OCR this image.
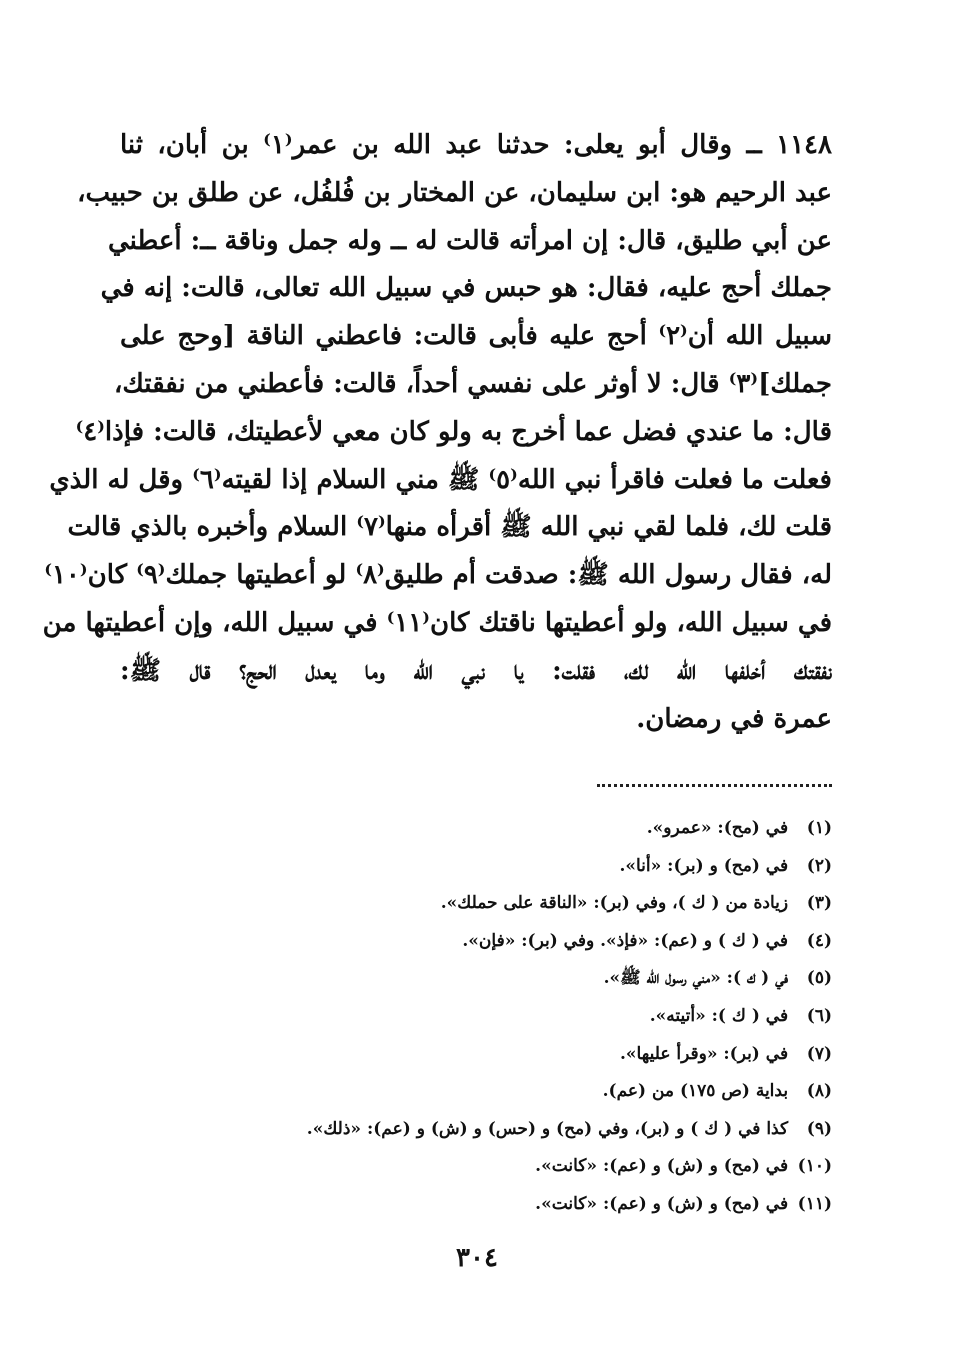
١١٤٨ ــ وقال أبو يعلى: حدثنا عبد الله بن عمر⁽١⁾ بن أبان، ثنا
عبد الرحيم هو: ابن سليمان، عن المختار بن فُلفُل، عن طلق بن حبيب،
عن أبي طليق، قال: إن امرأته قالت له ــ وله جمل وناقة ــ: أعطني
جملك أحج عليه، فقال: هو حبس في سبيل الله تعالى، قالت: إنه في
سبيل الله أن⁽٢⁾ أحج عليه فأبى قالت: فاعطني الناقة [وحج على
جملك]⁽٣⁾ قال: لا أوثر على نفسي أحداً، قالت: فأعطني من نفقتك،
قال: ما عندي فضل عما أخرج به ولو كان معي لأعطيتك، قالت: فإذا⁽٤⁾
فعلت ما فعلت فاقرأ نبي الله⁽٥⁾ ﷺ مني السلام إذا لقيته⁽٦⁾ وقل له الذي
قلت لك، فلما لقي نبي الله ﷺ أقرأه منها⁽٧⁾ السلام وأخبره بالذي قالت
له، فقال رسول الله ﷺ: صدقت أم طليق⁽٨⁾ لو أعطيتها جملك⁽٩⁾ كان⁽١٠⁾
في سبيل الله، ولو أعطيتها ناقتك كان⁽١١⁾ في سبيل الله، وإن أعطيتها من
نفقتك أخلفها الله لك، فقلت: يا نبي الله وما يعدل الحج؟ قال ﷺ:
عمرة في رمضان.
(١) في (مح): «عمرو».
(٢) في (مح) و (بر): «أنا».
(٣) زيادة من ( ك )، وفي (بر): «الناقة على حملك».
(٤) في ( ك ) و (عم): «فإذ». وفي (بر): «فإن».
(٥) في ( ك ): «مني رسول الله ﷺ».
(٦) في ( ك ): «أتيته».
(٧) في (بر): «وقرأ عليها».
(٨) بداية (ص ١٧٥) من (عم).
(٩) كذا في ( ك ) و (بر)، وفي (مح) و (حس) و (ش) و (عم): «ذلك».
(١٠) في (مح) و (ش) و (عم): «كانت».
(١١) في (مح) و (ش) و (عم): «كانت».
٣٠٤
